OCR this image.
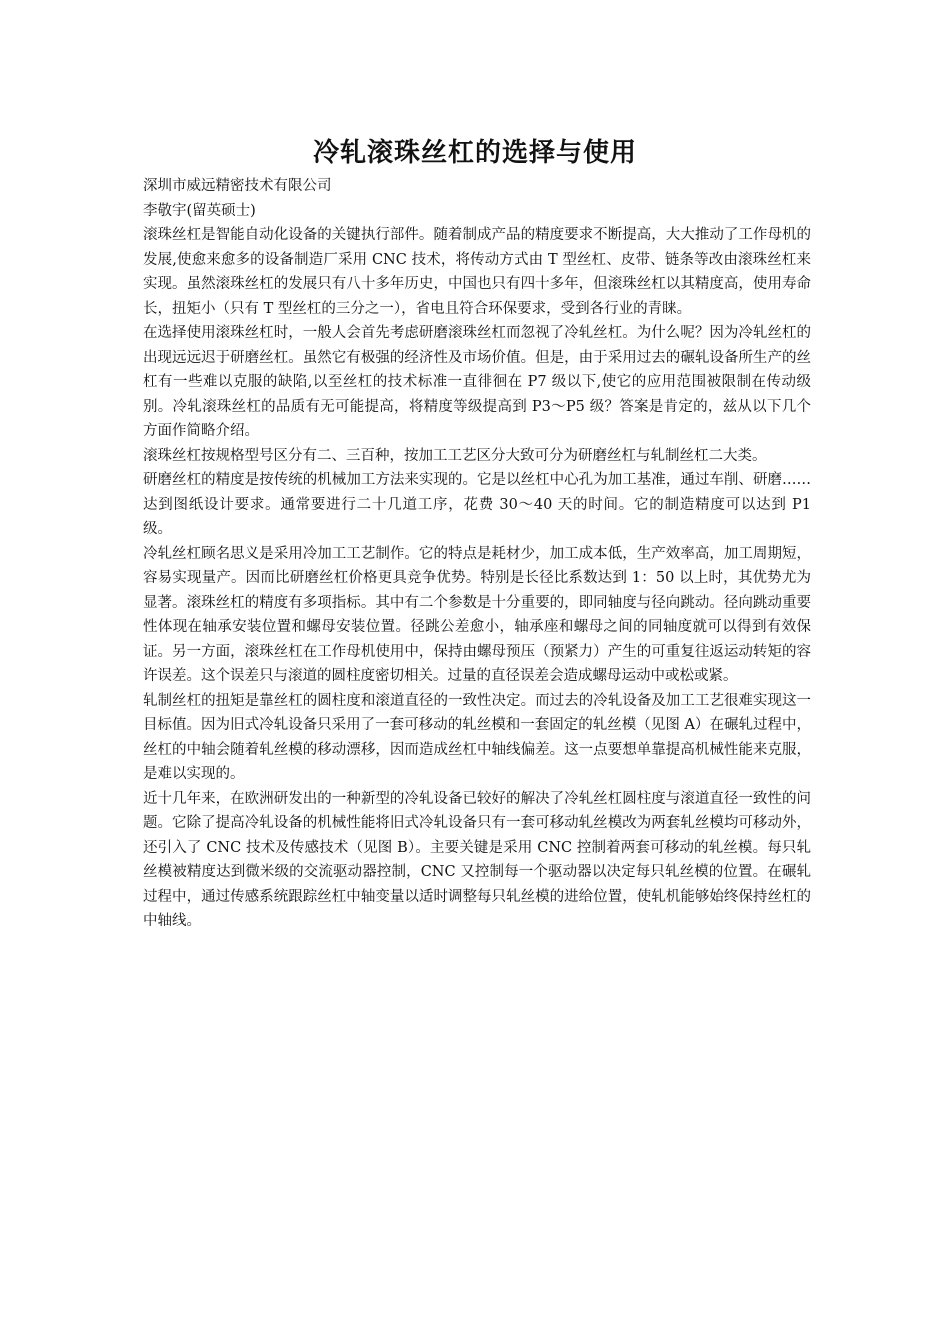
冷轧滚珠丝杠的选择与使用

深圳市威远精密技术有限公司

李敬宇(留英硕士)

滚珠丝杠是智能自动化设备的关键执行部件。随着制成产品的精度要求不断提高，大大推动了工作母机的发展,使愈来愈多的设备制造厂采用 CNC 技术，将传动方式由 T 型丝杠、皮带、链条等改由滚珠丝杠来实现。虽然滚珠丝杠的发展只有八十多年历史，中国也只有四十多年，但滚珠丝杠以其精度高，使用寿命长，扭矩小（只有 T 型丝杠的三分之一），省电且符合环保要求，受到各行业的青睐。

在选择使用滚珠丝杠时，一般人会首先考虑研磨滚珠丝杠而忽视了冷轧丝杠。为什么呢？因为冷轧丝杠的出现远远迟于研磨丝杠。虽然它有极强的经济性及市场价值。但是，由于采用过去的碾轧设备所生产的丝杠有一些难以克服的缺陷,以至丝杠的技术标准一直徘徊在 P7 级以下,使它的应用范围被限制在传动级别。冷轧滚珠丝杠的品质有无可能提高，将精度等级提高到 P3～P5 级？答案是肯定的，兹从以下几个方面作简略介绍。

滚珠丝杠按规格型号区分有二、三百种，按加工工艺区分大致可分为研磨丝杠与轧制丝杠二大类。

研磨丝杠的精度是按传统的机械加工方法来实现的。它是以丝杠中心孔为加工基准，通过车削、研磨……达到图纸设计要求。通常要进行二十几道工序，花费 30～40 天的时间。它的制造精度可以达到 P1 级。

冷轧丝杠顾名思义是采用冷加工工艺制作。它的特点是耗材少，加工成本低，生产效率高，加工周期短，容易实现量产。因而比研磨丝杠价格更具竞争优势。特别是长径比系数达到 1：50 以上时，其优势尤为显著。滚珠丝杠的精度有多项指标。其中有二个参数是十分重要的，即同轴度与径向跳动。径向跳动重要性体现在轴承安装位置和螺母安装位置。径跳公差愈小，轴承座和螺母之间的同轴度就可以得到有效保证。另一方面，滚珠丝杠在工作母机使用中，保持由螺母预压（预紧力）产生的可重复往返运动转矩的容许误差。这个误差只与滚道的圆柱度密切相关。过量的直径误差会造成螺母运动中或松或紧。

轧制丝杠的扭矩是靠丝杠的圆柱度和滚道直径的一致性决定。而过去的冷轧设备及加工工艺很难实现这一目标值。因为旧式冷轧设备只采用了一套可移动的轧丝模和一套固定的轧丝模（见图 A）在碾轧过程中，丝杠的中轴会随着轧丝模的移动漂移，因而造成丝杠中轴线偏差。这一点要想单靠提高机械性能来克服，是难以实现的。

近十几年来，在欧洲研发出的一种新型的冷轧设备已较好的解决了冷轧丝杠圆柱度与滚道直径一致性的问题。它除了提高冷轧设备的机械性能将旧式冷轧设备只有一套可移动轧丝模改为两套轧丝模均可移动外，还引入了 CNC 技术及传感技术（见图 B）。主要关键是采用 CNC 控制着两套可移动的轧丝模。每只轧丝模被精度达到微米级的交流驱动器控制，CNC 又控制每一个驱动器以决定每只轧丝模的位置。在碾轧过程中，通过传感系统跟踪丝杠中轴变量以适时调整每只轧丝模的进给位置，使轧机能够始终保持丝杠的中轴线。
